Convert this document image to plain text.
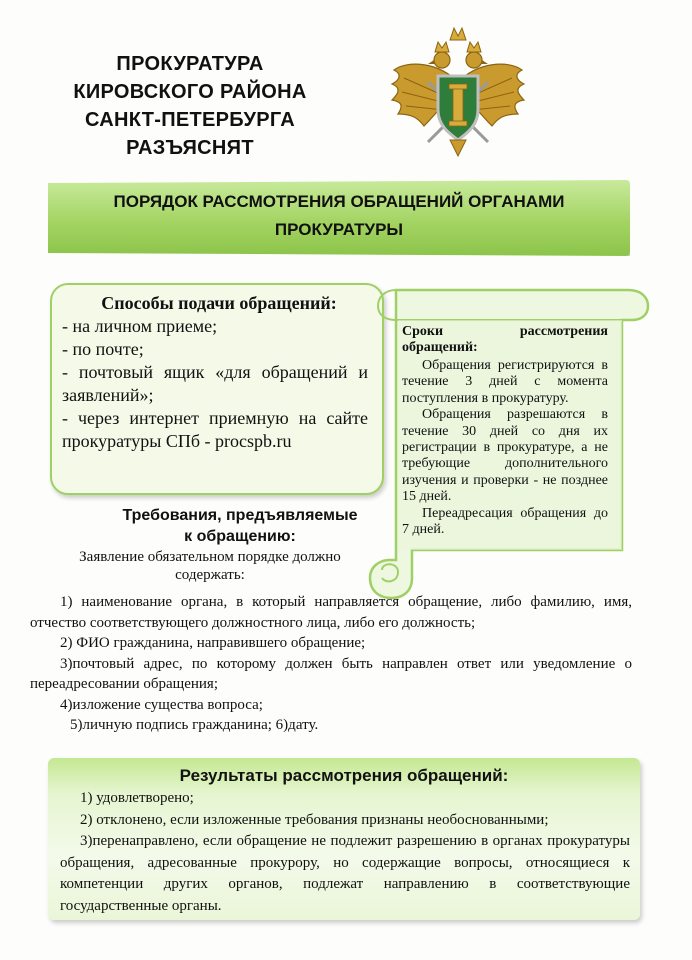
ПРОКУРАТУРА
КИРОВСКОГО РАЙОНА
САНКТ-ПЕТЕРБУРГА
РАЗЪЯСНЯТ
ПОРЯДОК РАССМОТРЕНИЯ ОБРАЩЕНИЙ ОРГАНАМИ
ПРОКУРАТУРЫ
Способы подачи обращений:
- на личном приеме;
- по почте;
- почтовый ящик «для обращений и заявлений»;
- через интернет приемную на сайте прокуратуры СПб - procspb.ru
Сроки рассмотрения
обращений:

Обращения регистрируются в течение 3 дней с момента поступления в прокуратуру.

Обращения разрешаются в течение 30 дней со дня их регистрации в прокуратуре, а не требующие дополнительного изучения и проверки - не позднее 15 дней.

Переадресация обращения до 7 дней.

Требования, предъявляемые
к обращению:
Заявление обязательном порядке должно
содержать:

1) наименование органа, в который направляется обращение, либо фамилию, имя, отчество соответствующего должностного лица, либо его должность;

2) ФИО гражданина, направившего обращение;

3)почтовый адрес, по которому должен быть направлен ответ или уведомление о переадресовании обращения;

4)изложение существа вопроса;

5)личную подпись гражданина; 6)дату.

Результаты рассмотрения обращений:

1) удовлетворено;

2) отклонено, если изложенные требования признаны необоснованными;

3)перенаправлено, если обращение не подлежит разрешению в органах прокуратуры обращения, адресованные прокурору, но содержащие вопросы, относящиеся к компетенции других органов, подлежат направлению в соответствующие государственные органы.
